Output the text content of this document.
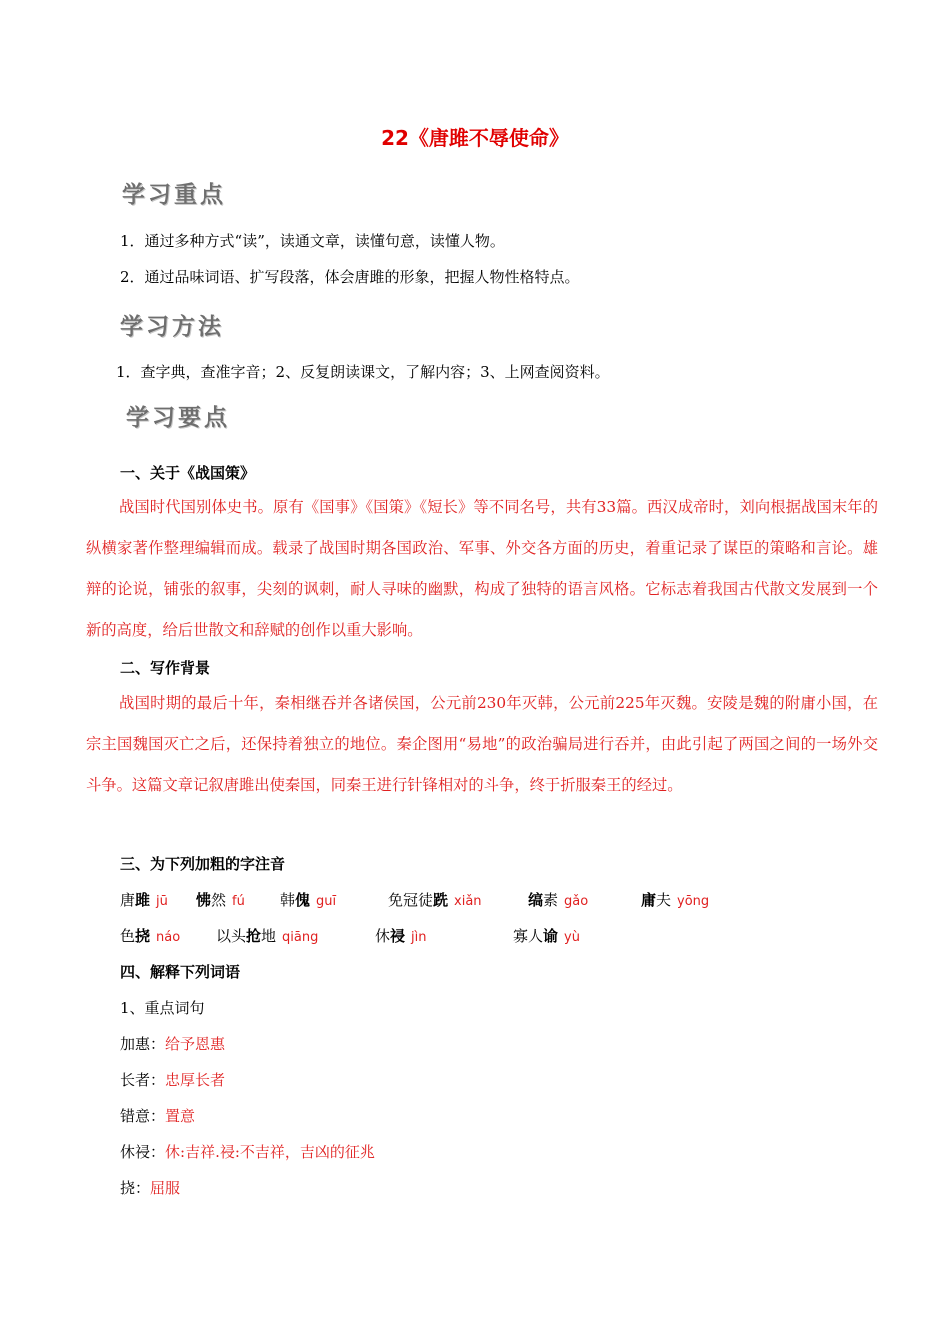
22《唐雎不辱使命》
学习重点
1．通过多种方式“读”，读通文章，读懂句意，读懂人物。
2．通过品味词语、扩写段落，体会唐雎的形象，把握人物性格特点。
学习方法
1．查字典，查准字音；2、反复朗读课文，了解内容；3、上网查阅资料。
学习要点
一、关于《战国策》
战国时代国别体史书。原有《国事》《国策》《短长》等不同名号，共有33篇。西汉成帝时，刘向根据战国末年的纵横家著作整理编辑而成。载录了战国时期各国政治、军事、外交各方面的历史，着重记录了谋臣的策略和言论。雄辩的论说，铺张的叙事，尖刻的讽刺，耐人寻味的幽默，构成了独特的语言风格。它标志着我国古代散文发展到一个新的高度，给后世散文和辞赋的创作以重大影响。
二、写作背景
战国时期的最后十年，秦相继吞并各诸侯国，公元前230年灭韩，公元前225年灭魏。安陵是魏的附庸小国，在宗主国魏国灭亡之后，还保持着独立的地位。秦企图用“易地”的政治骗局进行吞并，由此引起了两国之间的一场外交斗争。这篇文章记叙唐雎出使秦国，同秦王进行针锋相对的斗争，终于折服秦王的经过。
三、为下列加粗的字注音
唐雎 jū 怫然 fú 韩傀 guī	免冠徒跣 xiǎn	缟素 gǎo	庸夫 yōng
色挠 náo 以头抢地 qiāng	休祲 jìn	寡人谕 yù
四、解释下列词语
1、重点词句
加惠：给予恩惠
长者：忠厚长者
错意：置意
休祲：休:吉祥.祲:不吉祥，吉凶的征兆
挠：屈服
